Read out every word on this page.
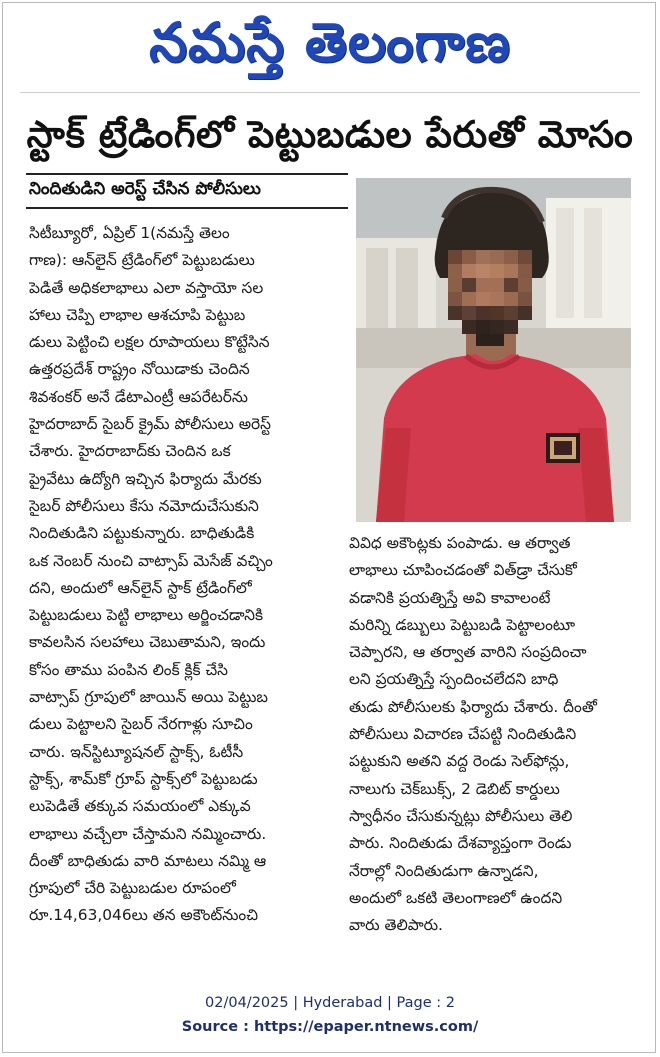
నమస్తే తెలంగాణ
స్టాక్ ట్రేడింగ్‌లో పెట్టుబడుల పేరుతో మోసం
నిందితుడిని అరెస్ట్ చేసిన పోలీసులు
సిటీబ్యూరో, ఏప్రిల్ 1(నమస్తే తెలం
గాణ): ఆన్‌లైన్ ట్రేడింగ్‌లో పెట్టుబడులు
పెడితే అధికలాభాలు ఎలా వస్తాయో సల
హాలు చెప్పి లాభాల ఆశచూపి పెట్టుబ
డులు పెట్టించి లక్షల రూపాయలు కొట్టేసిన
ఉత్తరప్రదేశ్ రాష్ట్రం నోయిడాకు చెందిన
శివశంకర్ అనే డేటాఎంట్రీ ఆపరేటర్‌ను
హైదరాబాద్ సైబర్ క్రైమ్ పోలీసులు అరెస్ట్
చేశారు. హైదరాబాద్‌కు చెందిన ఒక
ప్రైవేటు ఉద్యోగి ఇచ్చిన ఫిర్యాదు మేరకు
సైబర్ పోలీసులు కేసు నమోదుచేసుకుని
నిందితుడిని పట్టుకున్నారు. బాధితుడికి
ఒక నెంబర్ నుంచి వాట్సాప్ మెసేజ్ వచ్చిం
దని, అందులో ఆన్‌లైన్ స్టాక్ ట్రేడింగ్‌లో
పెట్టుబడులు పెట్టి లాభాలు అర్జించడానికి
కావలసిన సలహాలు చెబుతామని, ఇందు
కోసం తాము పంపిన లింక్ క్లిక్ చేసి
వాట్సాప్ గ్రూపులో జాయిన్ అయి పెట్టుబ
డులు పెట్టాలని సైబర్ నేరగాళ్లు సూచిం
చారు. ఇన్‌స్టిట్యూషనల్ స్టాక్స్, ఓటీసీ
స్టాక్స్, శామ్‌కో గ్రూప్ స్టాక్స్‌లో పెట్టుబడు
లుపెడితే తక్కువ సమయంలో ఎక్కువ
లాభాలు వచ్చేలా చేస్తామని నమ్మించారు.
దీంతో బాధితుడు వారి మాటలు నమ్మి ఆ
గ్రూపులో చేరి పెట్టుబడుల రూపంలో
రూ.14,63,046లు తన అకౌంట్‌నుంచి
వివిధ అకౌంట్లకు పంపాడు. ఆ తర్వాత
లాభాలు చూపించడంతో విత్‌డ్రా చేసుకో
వడానికి ప్రయత్నిస్తే అవి కావాలంటే
మరిన్ని డబ్బులు పెట్టుబడి పెట్టాలంటూ
చెప్పారని, ఆ తర్వాత వారిని సంప్రదించా
లని ప్రయత్నిస్తే స్పందించలేదని బాధి
తుడు పోలీసులకు ఫిర్యాదు చేశారు. దీంతో
పోలీసులు విచారణ చేపట్టి నిందితుడిని
పట్టుకుని అతని వద్ద రెండు సెల్‌ఫోన్లు,
నాలుగు చెక్‌బుక్స్, 2 డెబిట్ కార్డులు
స్వాధీనం చేసుకున్నట్లు పోలీసులు తెలి
పారు. నిందితుడు దేశవ్యాప్తంగా రెండు
నేరాల్లో నిందితుడుగా ఉన్నాడని,
అందులో ఒకటి తెలంగాణలో ఉందని
వారు తెలిపారు.
02/04/2025 | Hyderabad | Page : 2
Source : https://epaper.ntnews.com/
